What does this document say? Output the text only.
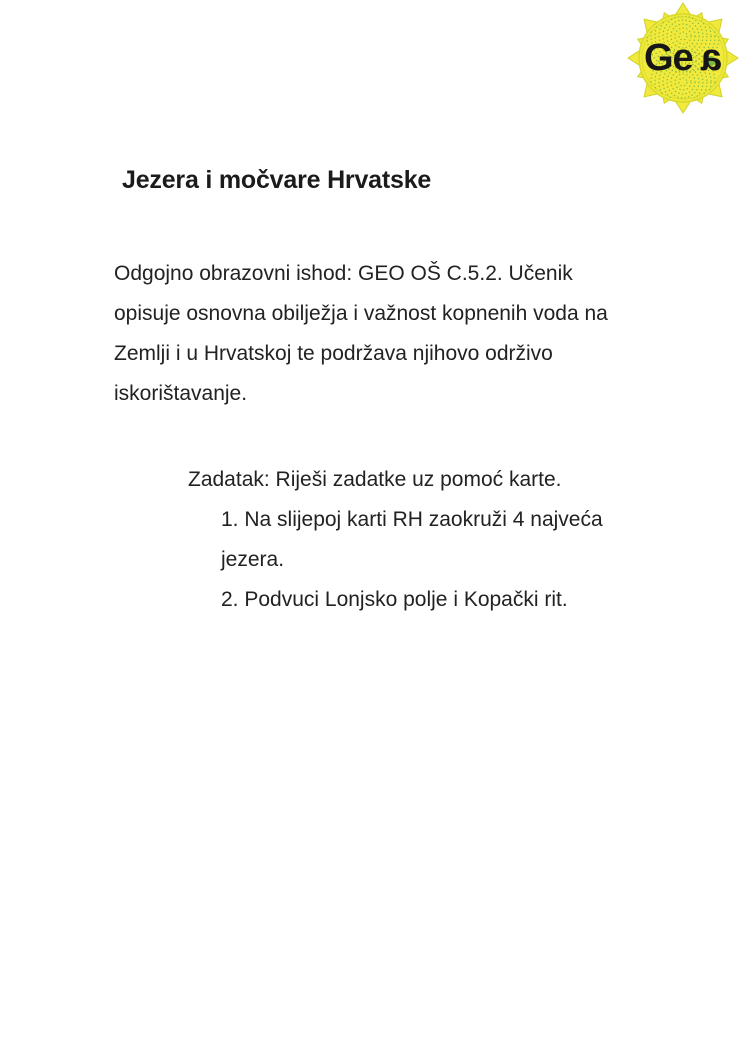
Ge a
Jezera i močvare Hrvatske
Odgojno obrazovni ishod: GEO OŠ C.5.2. Učenik
opisuje osnovna obilježja i važnost kopnenih voda na
Zemlji i u Hrvatskoj te podržava njihovo održivo
iskorištavanje.
Zadatak: Riješi zadatke uz pomoć karte.
1. Na slijepoj karti RH zaokruži 4 najveća
jezera.
2. Podvuci Lonjsko polje i Kopački rit.
